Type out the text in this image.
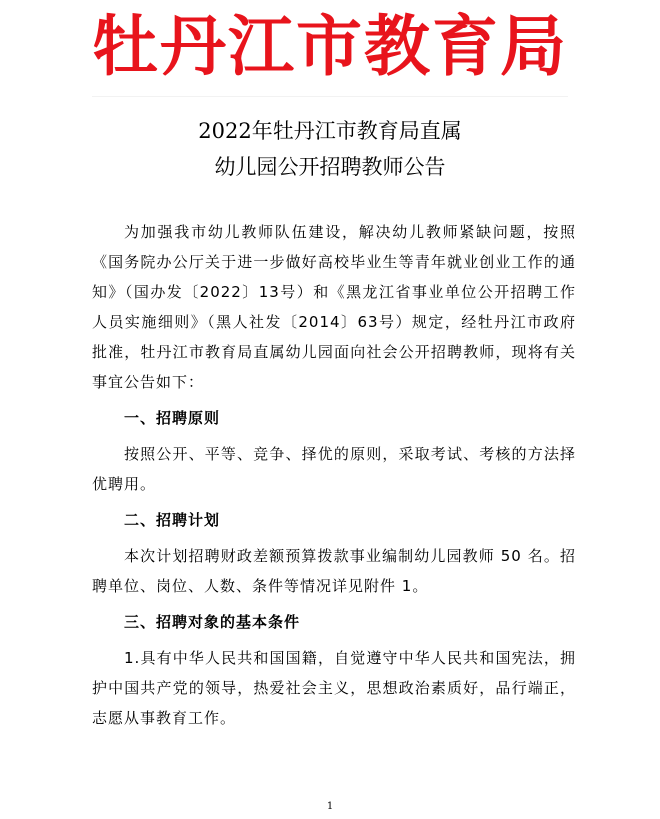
牡丹江市教育局
2022年牡丹江市教育局直属
幼儿园公开招聘教师公告

为加强我市幼儿教师队伍建设，解决幼儿教师紧缺问题，按照《国务院办公厅关于进一步做好高校毕业生等青年就业创业工作的通知》（国办发〔2022〕13号）和《黑龙江省事业单位公开招聘工作人员实施细则》（黑人社发〔2014〕63号）规定，经牡丹江市政府批准，牡丹江市教育局直属幼儿园面向社会公开招聘教师，现将有关事宜公告如下：

一、招聘原则

按照公开、平等、竞争、择优的原则，采取考试、考核的方法择优聘用。

二、招聘计划

本次计划招聘财政差额预算拨款事业编制幼儿园教师 50 名。招聘单位、岗位、人数、条件等情况详见附件 1。

三、招聘对象的基本条件

1.具有中华人民共和国国籍，自觉遵守中华人民共和国宪法，拥护中国共产党的领导，热爱社会主义，思想政治素质好，品行端正，志愿从事教育工作。

1
